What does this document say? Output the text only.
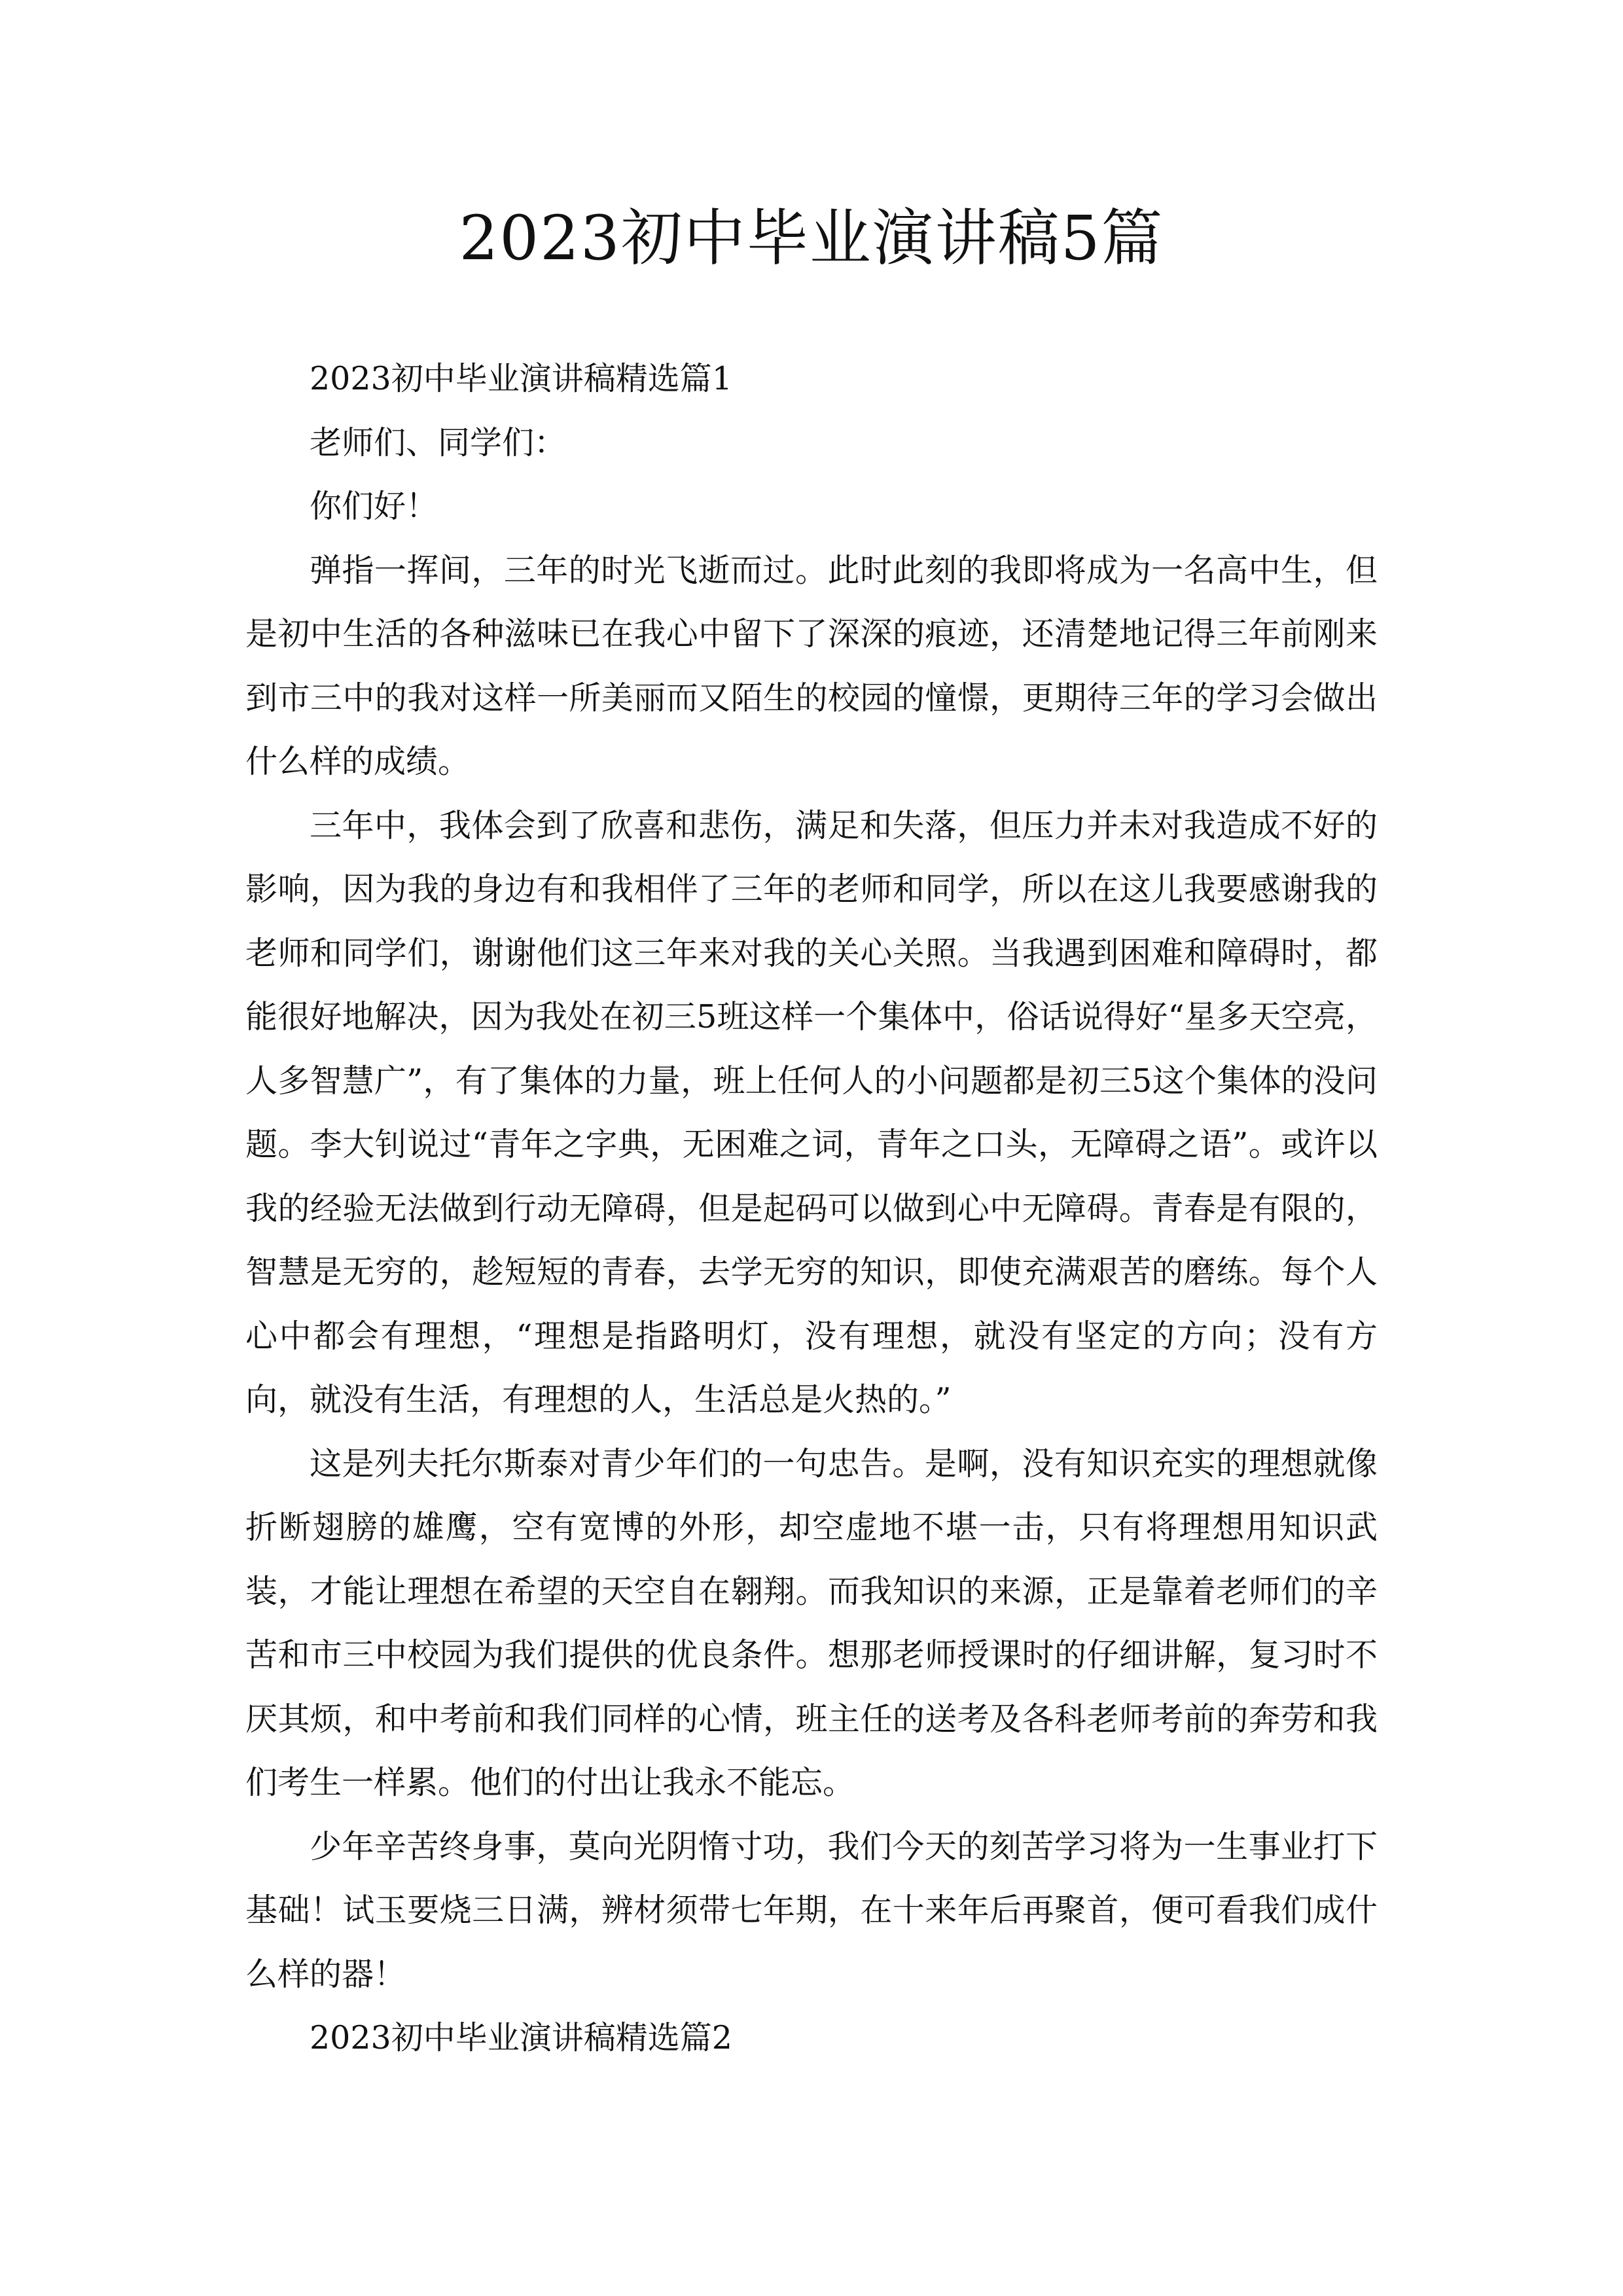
2023初中毕业演讲稿5篇

2023初中毕业演讲稿精选篇1

老师们、同学们：

你们好！

弹指一挥间，三年的时光飞逝而过。此时此刻的我即将成为一名高中生，但是初中生活的各种滋味已在我心中留下了深深的痕迹，还清楚地记得三年前刚来到市三中的我对这样一所美丽而又陌生的校园的憧憬，更期待三年的学习会做出什么样的成绩。

三年中，我体会到了欣喜和悲伤，满足和失落，但压力并未对我造成不好的影响，因为我的身边有和我相伴了三年的老师和同学，所以在这儿我要感谢我的老师和同学们，谢谢他们这三年来对我的关心关照。当我遇到困难和障碍时，都能很好地解决，因为我处在初三5班这样一个集体中，俗话说得好“星多天空亮，人多智慧广”，有了集体的力量，班上任何人的小问题都是初三5这个集体的没问题。李大钊说过“青年之字典，无困难之词，青年之口头，无障碍之语”。或许以我的经验无法做到行动无障碍，但是起码可以做到心中无障碍。青春是有限的，智慧是无穷的，趁短短的青春，去学无穷的知识，即使充满艰苦的磨练。每个人心中都会有理想，“理想是指路明灯，没有理想，就没有坚定的方向；没有方向，就没有生活，有理想的人，生活总是火热的。”

这是列夫托尔斯泰对青少年们的一句忠告。是啊，没有知识充实的理想就像折断翅膀的雄鹰，空有宽博的外形，却空虚地不堪一击，只有将理想用知识武装，才能让理想在希望的天空自在翱翔。而我知识的来源，正是靠着老师们的辛苦和市三中校园为我们提供的优良条件。想那老师授课时的仔细讲解，复习时不厌其烦，和中考前和我们同样的心情，班主任的送考及各科老师考前的奔劳和我们考生一样累。他们的付出让我永不能忘。

少年辛苦终身事，莫向光阴惰寸功，我们今天的刻苦学习将为一生事业打下基础！试玉要烧三日满，辨材须带七年期，在十来年后再聚首，便可看我们成什么样的器！

2023初中毕业演讲稿精选篇2
